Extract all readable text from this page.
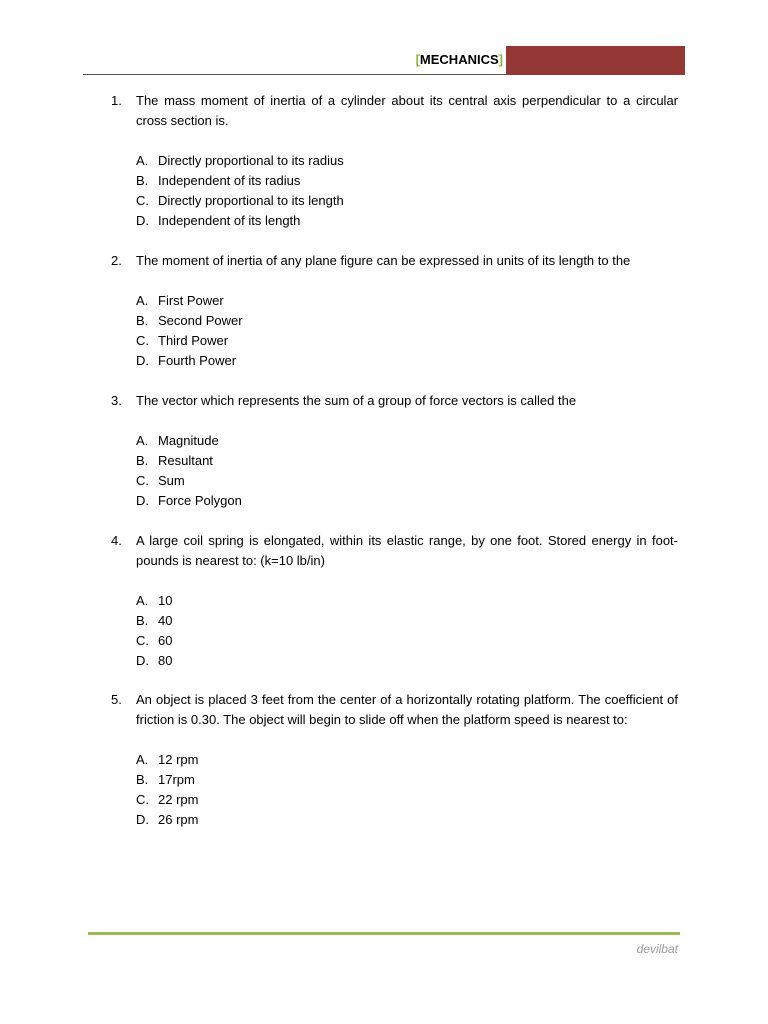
[MECHANICS]
1. The mass moment of inertia of a cylinder about its central axis perpendicular to a circular cross section is.
A. Directly proportional to its radius
B. Independent of its radius
C. Directly proportional to its length
D. Independent of its length
2. The moment of inertia of any plane figure can be expressed in units of its length to the
A. First Power
B. Second Power
C. Third Power
D. Fourth Power
3. The vector which represents the sum of a group of force vectors is called the
A. Magnitude
B. Resultant
C. Sum
D. Force Polygon
4. A large coil spring is elongated, within its elastic range, by one foot. Stored energy in foot-pounds is nearest to: (k=10 lb/in)
A. 10
B. 40
C. 60
D. 80
5. An object is placed 3 feet from the center of a horizontally rotating platform. The coefficient of friction is 0.30. The object will begin to slide off when the platform speed is nearest to:
A. 12 rpm
B. 17rpm
C. 22 rpm
D. 26 rpm
devilbat
